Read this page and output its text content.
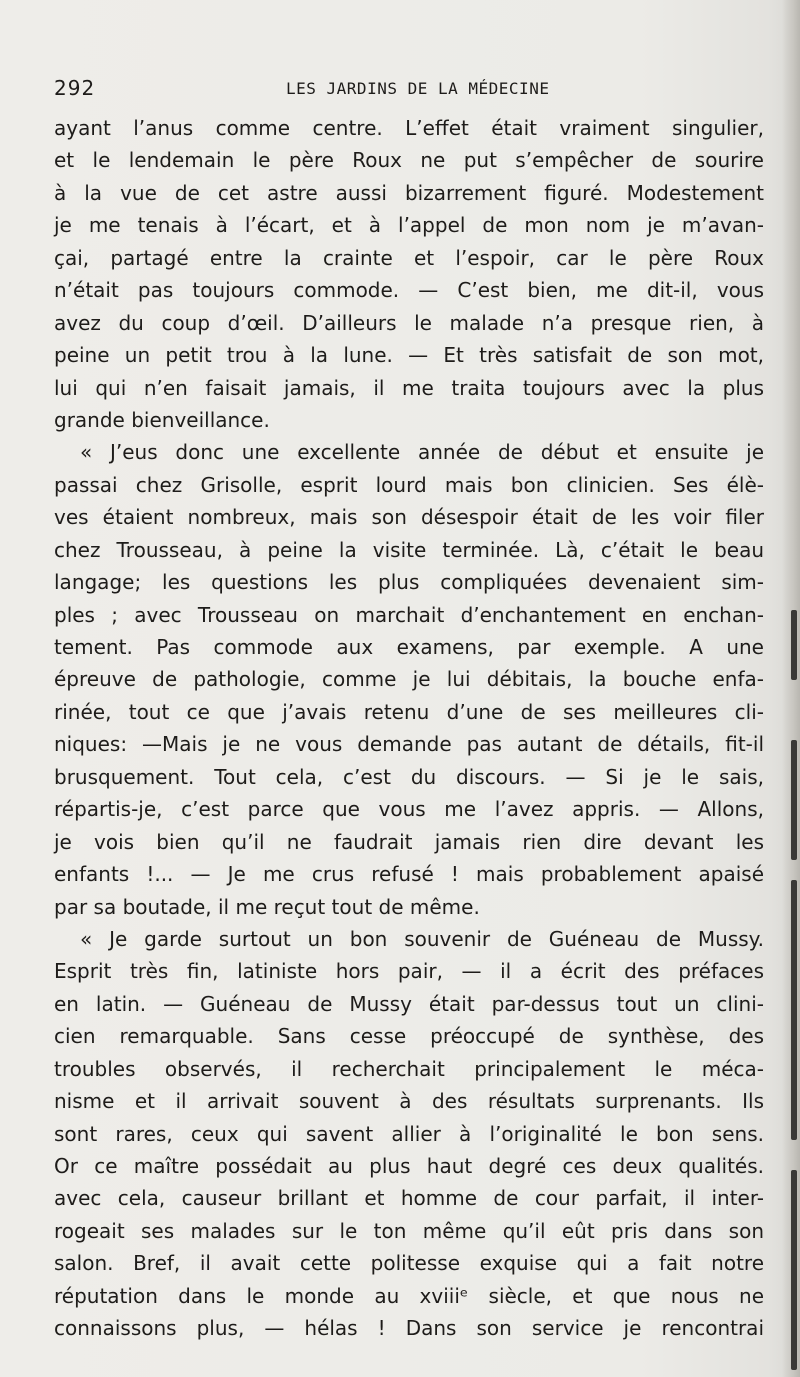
292	LES JARDINS DE LA MÉDECINE
ayant l’anus comme centre. L’effet était vraiment singulier,
et le lendemain le père Roux ne put s’empêcher de sourire
à la vue de cet astre aussi bizarrement figuré. Modestement
je me tenais à l’écart, et à l’appel de mon nom je m’avan-
çai, partagé entre la crainte et l’espoir, car le père Roux
n’était pas toujours commode. — C’est bien, me dit-il, vous
avez du coup d’œil. D’ailleurs le malade n’a presque rien, à
peine un petit trou à la lune. — Et très satisfait de son mot,
lui qui n’en faisait jamais, il me traita toujours avec la plus
grande bienveillance.
« J’eus donc une excellente année de début et ensuite je
passai chez Grisolle, esprit lourd mais bon clinicien. Ses élè-
ves étaient nombreux, mais son désespoir était de les voir filer
chez Trousseau, à peine la visite terminée. Là, c’était le beau
langage; les questions les plus compliquées devenaient sim-
ples ; avec Trousseau on marchait d’enchantement en enchan-
tement. Pas commode aux examens, par exemple. A une
épreuve de pathologie, comme je lui débitais, la bouche enfa-
rinée, tout ce que j’avais retenu d’une de ses meilleures cli-
niques: —Mais je ne vous demande pas autant de détails, fit-il
brusquement. Tout cela, c’est du discours. — Si je le sais,
répartis-je, c’est parce que vous me l’avez appris. — Allons,
je vois bien qu’il ne faudrait jamais rien dire devant les
enfants !... — Je me crus refusé ! mais probablement apaisé
par sa boutade, il me reçut tout de même.
« Je garde surtout un bon souvenir de Guéneau de Mussy.
Esprit très fin, latiniste hors pair, — il a écrit des préfaces
en latin. — Guéneau de Mussy était par-dessus tout un clini-
cien remarquable. Sans cesse préoccupé de synthèse, des
troubles observés, il recherchait principalement le méca-
nisme et il arrivait souvent à des résultats surprenants. Ils
sont rares, ceux qui savent allier à l’originalité le bon sens.
Or ce maître possédait au plus haut degré ces deux qualités.
avec cela, causeur brillant et homme de cour parfait, il inter-
rogeait ses malades sur le ton même qu’il eût pris dans son
salon. Bref, il avait cette politesse exquise qui a fait notre
réputation dans le monde au xviiiᵉ siècle, et que nous ne
connaissons plus, — hélas ! Dans son service je rencontrai
